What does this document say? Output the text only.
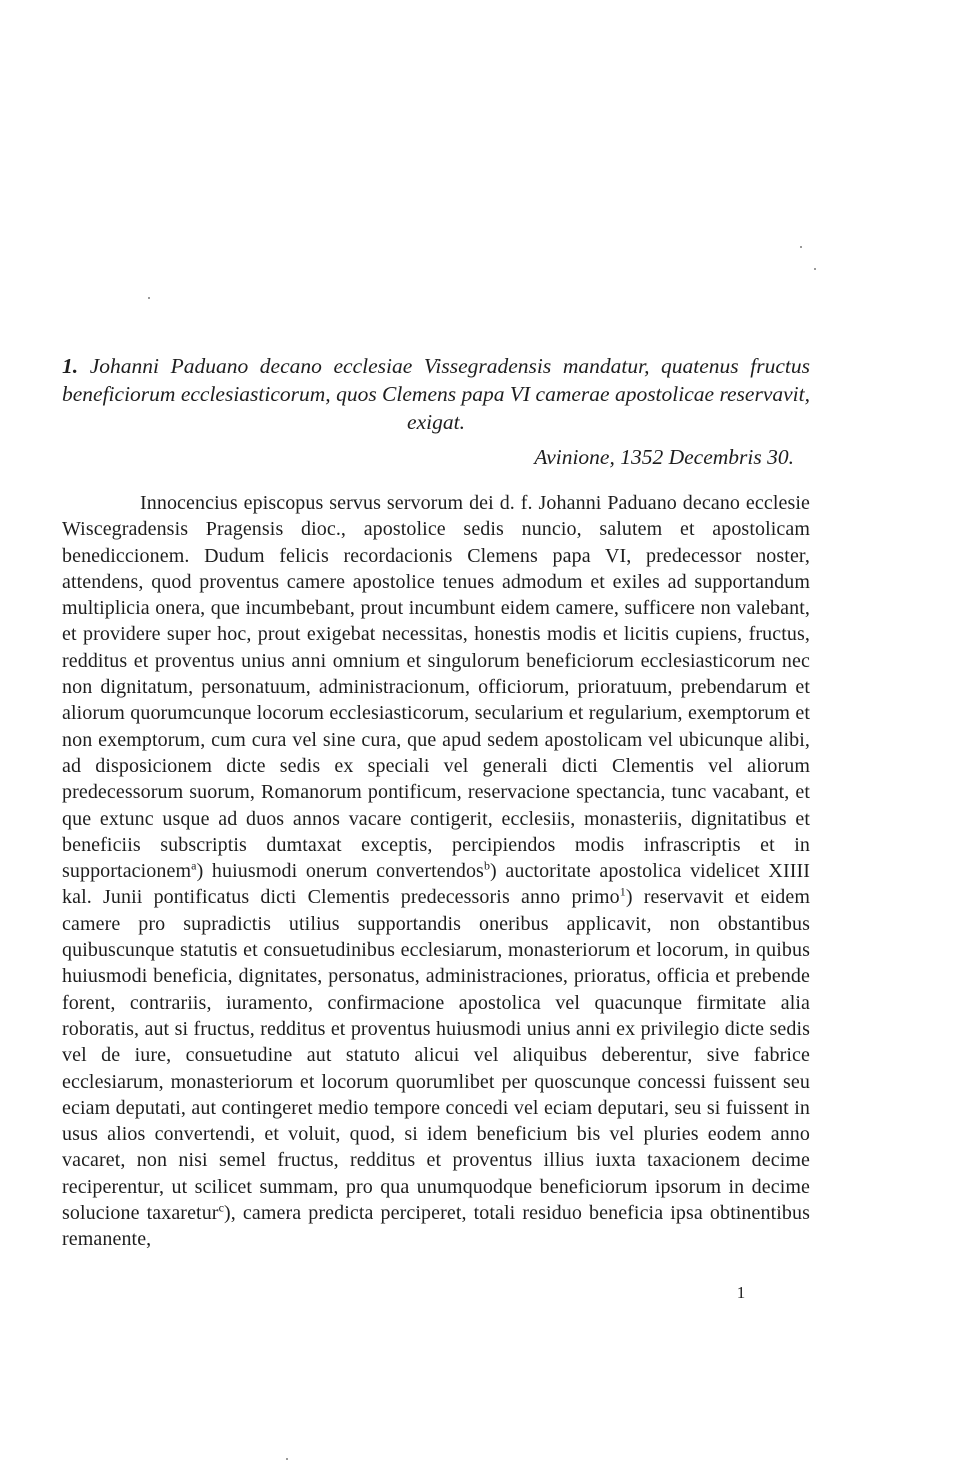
1. Johanni Paduano decano ecclesiae Vissegradensis mandatur, quatenus fructus beneficiorum ecclesiasticorum, quos Clemens papa VI camerae apostolicae reservavit, exigat.
Avinione, 1352 Decembris 30.

Innocencius episcopus servus servorum dei d. f. Johanni Paduano decano ecclesie Wiscegradensis Pragensis dioc., apostolice sedis nuncio, salutem et apostolicam benediccionem. Dudum felicis recordacionis Clemens papa VI, predecessor noster, attendens, quod proventus camere apostolice tenues admodum et exiles ad supportandum multiplicia onera, que incumbebant, prout incumbunt eidem camere, sufficere non valebant, et providere super hoc, prout exigebat necessitas, honestis modis et licitis cupiens, fructus, redditus et proventus unius anni omnium et singulorum beneficiorum ecclesiasticorum nec non dignitatum, personatuum, administracionum, officiorum, prioratuum, prebendarum et aliorum quorumcunque locorum ecclesiasticorum, secularium et regularium, exemptorum et non exemptorum, cum cura vel sine cura, que apud sedem apostolicam vel ubicunque alibi, ad disposicionem dicte sedis ex speciali vel generali dicti Clementis vel aliorum predecessorum suorum, Romanorum pontificum, reservacione spectancia, tunc vacabant, et que extunc usque ad duos annos vacare contigerit, ecclesiis, monasteriis, dignitatibus et beneficiis subscriptis dumtaxat exceptis, percipiendos modis infrascriptis et in supportacionem$^a$) huiusmodi onerum convertendos$^b$) auctoritate apostolica videlicet XIIII kal. Junii pontificatus dicti Clementis predecessoris anno primo$^1$) reservavit et eidem camere pro supradictis utilius supportandis oneribus applicavit, non obstantibus quibuscunque statutis et consuetudinibus ecclesiarum, monasteriorum et locorum, in quibus huiusmodi beneficia, dignitates, personatus, administraciones, prioratus, officia et prebende forent, contrariis, iuramento, confirmacione apostolica vel quacunque firmitate alia roboratis, aut si fructus, redditus et proventus huiusmodi unius anni ex privilegio dicte sedis vel de iure, consuetudine aut statuto alicui vel aliquibus deberentur, sive fabrice ecclesiarum, monasteriorum et locorum quorumlibet per quoscunque concessi fuissent seu eciam deputati, aut contingeret medio tempore concedi vel eciam deputari, seu si fuissent in usus alios convertendi, et voluit, quod, si idem beneficium bis vel pluries eodem anno vacaret, non nisi semel fructus, redditus et proventus illius iuxta taxacionem decime reciperentur, ut scilicet summam, pro qua unumquodque beneficiorum ipsorum in decime solucione taxaretur$^c$), camera predicta perciperet, totali residuo beneficia ipsa obtinentibus remanente,

1
